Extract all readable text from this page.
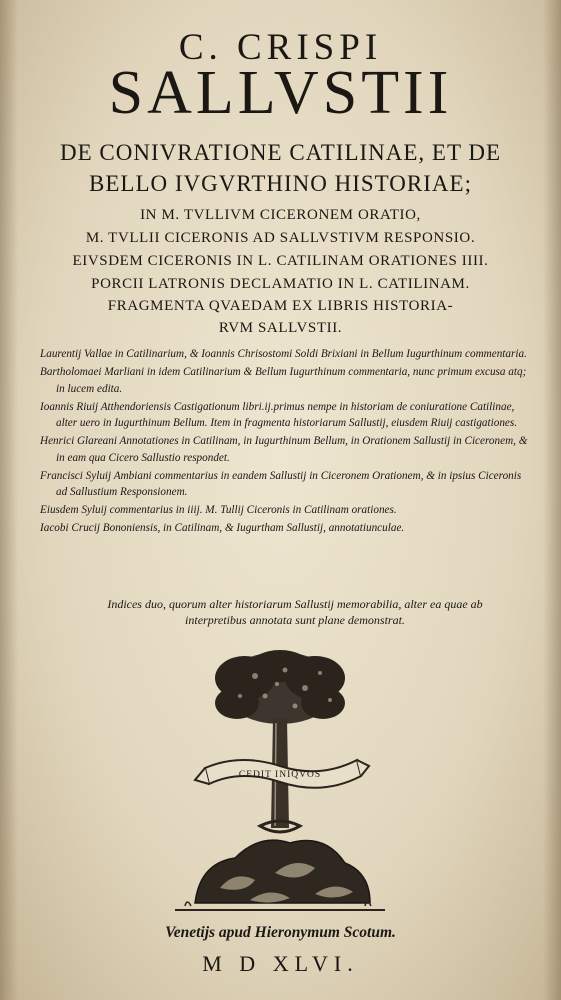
C. CRISPI
SALLVSTII
DE CONIVRATIONE CATILINAE, ET DE
BELLO IVGVRTHINO HISTORIAE;
IN M. TVLLIVM CICERONEM ORATIO,
M. TVLLII CICERONIS AD SALLVSTIVM RESPONSIO.
EIVSDEM CICERONIS IN L. CATILINAM ORATIONES IIII.
PORCII LATRONIS DECLAMATIO IN L. CATILINAM.
FRAGMENTA QVAEDAM EX LIBRIS HISTORIA-
RVM SALLVSTII.

Laurentij Vallae in Catilinarium, & Ioannis Chrisostomi Soldi Brixiani in Bellum Iugurthinum commentaria.

Bartholomaei Marliani in idem Catilinarium & Bellum Iugurthinum commentaria, nunc primum excusa atq; in lucem edita.

Ioannis Riuij Atthendoriensis Castigationum libri.ij.primus nempe in historiam de coniuratione Catilinae, alter uero in Iugurthinum Bellum. Item in fragmenta historiarum Sallustij, eiusdem Riuij castigationes.

Henrici Glareani Annotationes in Catilinam, in Iugurthinum Bellum, in Orationem Sallustij in Ciceronem, & in eam qua Cicero Sallustio respondet.

Francisci Syluij Ambiani commentarius in eandem Sallustij in Ciceronem Orationem, & in ipsius Ciceronis ad Sallustium Responsionem.

Eiusdem Syluij commentarius in iiij. M. Tullij Ciceronis in Catilinam orationes.

Iacobi Crucij Bononiensis, in Catilinam, & Iugurtham Sallustij, annotatiunculae.

Indices duo, quorum alter historiarum Sallustij memorabilia, alter ea quae ab interpretibus annotata sunt plane demonstrat.
CEDIT INIQVOS
Venetijs apud Hieronymum Scotum.
M D XLVI.
